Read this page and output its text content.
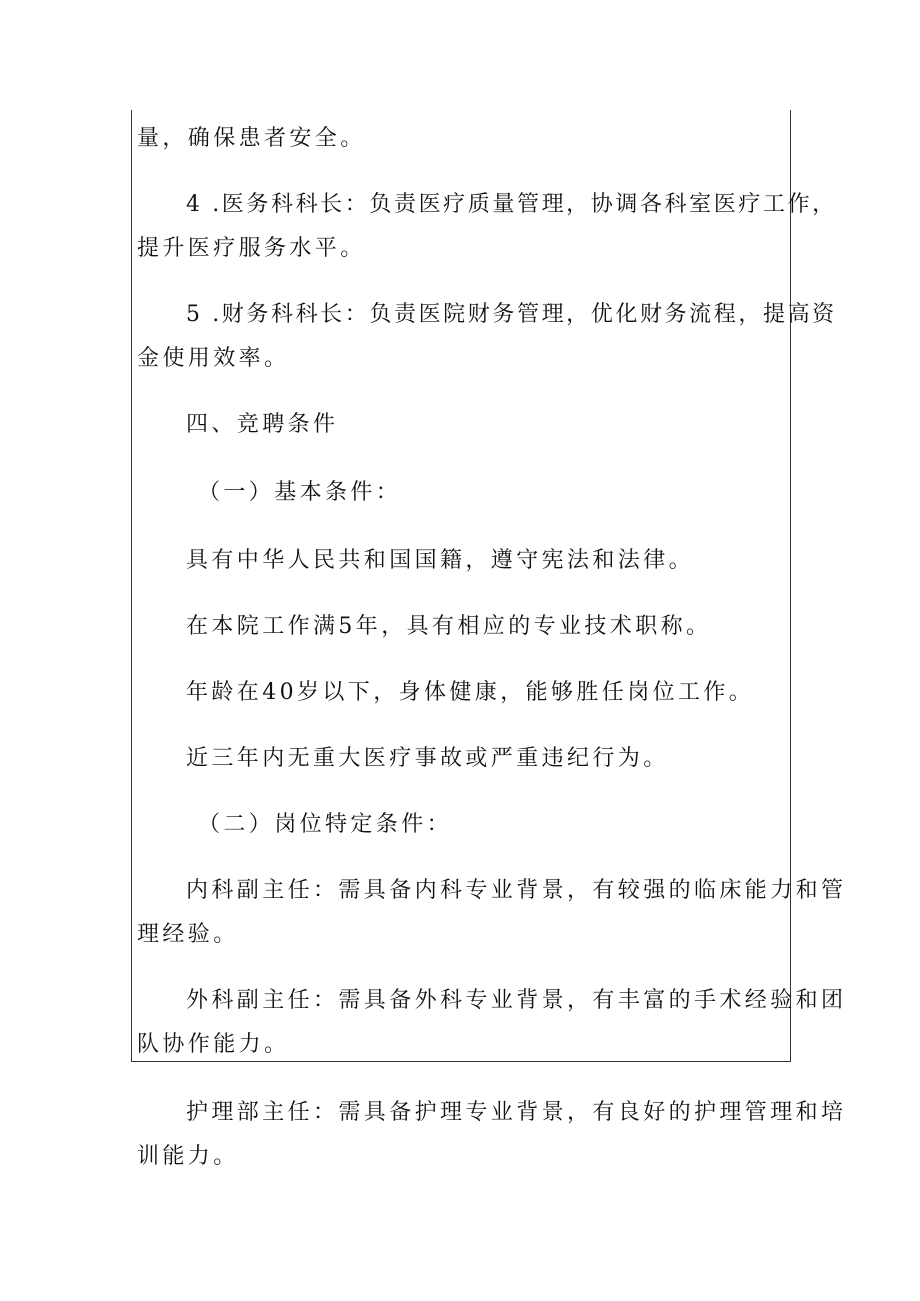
量，确保患者安全。
4 .医务科科长：负责医疗质量管理，协调各科室医疗工作，
提升医疗服务水平。
5 .财务科科长：负责医院财务管理，优化财务流程，提高资
金使用效率。
四、竞聘条件
（一）基本条件：
具有中华人民共和国国籍，遵守宪法和法律。
在本院工作满5年，具有相应的专业技术职称。
年龄在40岁以下，身体健康，能够胜任岗位工作。
近三年内无重大医疗事故或严重违纪行为。
（二）岗位特定条件：
内科副主任：需具备内科专业背景，有较强的临床能力和管
理经验。
外科副主任：需具备外科专业背景，有丰富的手术经验和团
队协作能力。
护理部主任：需具备护理专业背景，有良好的护理管理和培
训能力。
